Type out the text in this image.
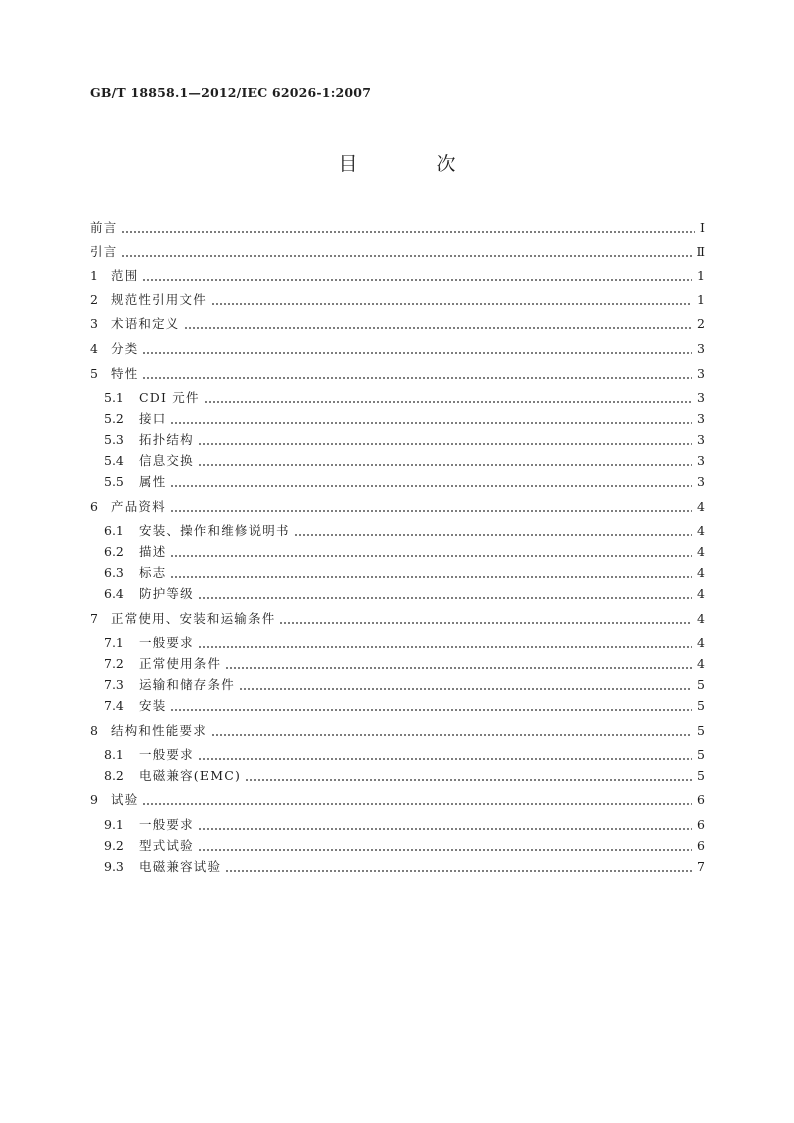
GB/T 18858.1—2012/IEC 62026-1:2007
目　次
前言	Ⅰ
引言	Ⅱ
1	范围	1
2	规范性引用文件	1
3	术语和定义	2
4	分类	3
5	特性	3
5.1	CDI 元件	3
5.2	接口	3
5.3	拓扑结构	3
5.4	信息交换	3
5.5	属性	3
6	产品资料	4
6.1	安装、操作和维修说明书	4
6.2	描述	4
6.3	标志	4
6.4	防护等级	4
7	正常使用、安装和运输条件	4
7.1	一般要求	4
7.2	正常使用条件	4
7.3	运输和储存条件	5
7.4	安装	5
8	结构和性能要求	5
8.1	一般要求	5
8.2	电磁兼容(EMC)	5
9	试验	6
9.1	一般要求	6
9.2	型式试验	6
9.3	电磁兼容试验	7
